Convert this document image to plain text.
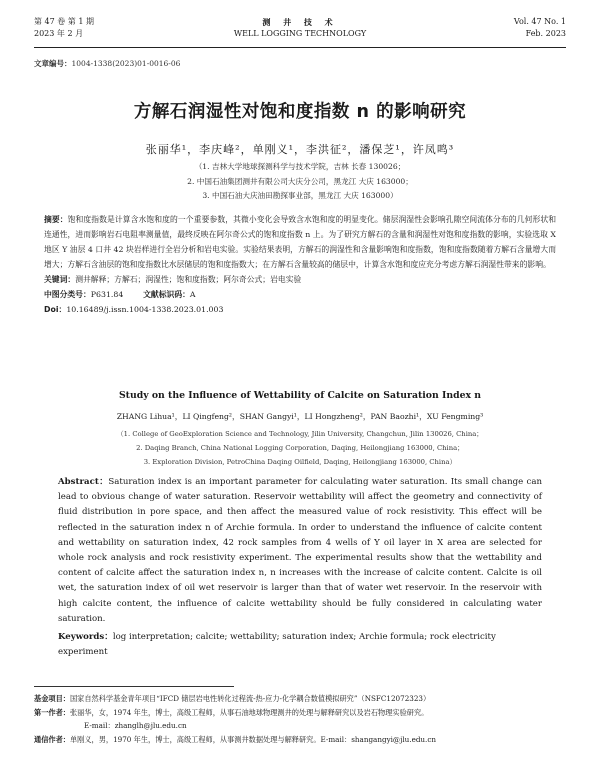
第 47 卷 第 1 期
2023 年 2 月
测 井 技 术
WELL LOGGING TECHNOLOGY
Vol. 47 No. 1
Feb. 2023
文章编号：1004-1338(2023)01-0016-06
方解石润湿性对饱和度指数 n 的影响研究
张丽华¹，李庆峰²，单刚义¹，李洪征²，潘保芝¹，许凤鸣³
（1. 吉林大学地球探测科学与技术学院，吉林 长春 130026；
2. 中国石油集团测井有限公司大庆分公司，黑龙江 大庆 163000；
3. 中国石油大庆油田勘探事业部，黑龙江 大庆 163000）

摘要：饱和度指数是计算含水饱和度的一个重要参数，其微小变化会导致含水饱和度的明显变化。储层润湿性会影响孔隙空间流体分布的几何形状和连通性，进而影响岩石电阻率测量值，最终反映在阿尔奇公式的饱和度指数 n 上。为了研究方解石的含量和润湿性对饱和度指数的影响，实验选取 X 地区 Y 油层 4 口井 42 块岩样进行全岩分析和岩电实验。实验结果表明，方解石的润湿性和含量影响饱和度指数，饱和度指数随着方解石含量增大而增大；方解石含油层的饱和度指数比水层储层的饱和度指数大；在方解石含量较高的储层中，计算含水饱和度应充分考虑方解石润湿性带来的影响。

关键词：测井解释；方解石；润湿性；饱和度指数；阿尔奇公式；岩电实验

中图分类号：P631.84	文献标识码：A

Doi：10.16489/j.issn.1004-1338.2023.01.003

Study on the Influence of Wettability of Calcite on Saturation Index n
ZHANG Lihua¹，LI Qingfeng²，SHAN Gangyi¹，LI Hongzheng²，PAN Baozhi¹，XU Fengming³
（1. College of GeoExploration Science and Technology, Jilin University, Changchun, Jilin 130026, China；
2. Daqing Branch, China National Logging Corporation, Daqing, Heilongjiang 163000, China；
3. Exploration Division, PetroChina Daqing Oilfield, Daqing, Heilongjiang 163000, China）
Abstract：Saturation index is an important parameter for calculating water saturation. Its small change can lead to obvious change of water saturation. Reservoir wettability will affect the geometry and connectivity of fluid distribution in pore space, and then affect the measured value of rock resistivity. This effect will be reflected in the saturation index n of Archie formula. In order to understand the influence of calcite content and wettability on saturation index, 42 rock samples from 4 wells of Y oil layer in X area are selected for whole rock analysis and rock resistivity experiment. The experimental results show that the wettability and content of calcite affect the saturation index n, n increases with the increase of calcite content. Calcite is oil wet, the saturation index of oil wet reservoir is larger than that of water wet reservoir. In the reservoir with high calcite content, the influence of calcite wettability should be fully considered in calculating water saturation.
Keywords：log interpretation; calcite; wettability; saturation index; Archie formula; rock electricity experiment

基金项目：国家自然科学基金青年项目“IFCD 储层岩电性转化过程流-热-应力-化学耦合数值模拟研究”（NSFC12072323）

第一作者：张丽华，女，1974 年生，博士，高级工程师，从事石油地球物理测井的处理与解释研究以及岩石物理实验研究。

E-mail：zhanglh@jlu.edu.cn

通信作者：单刚义，男，1970 年生，博士，高级工程师，从事测井数据处理与解释研究。E-mail：shangangyi@jlu.edu.cn
